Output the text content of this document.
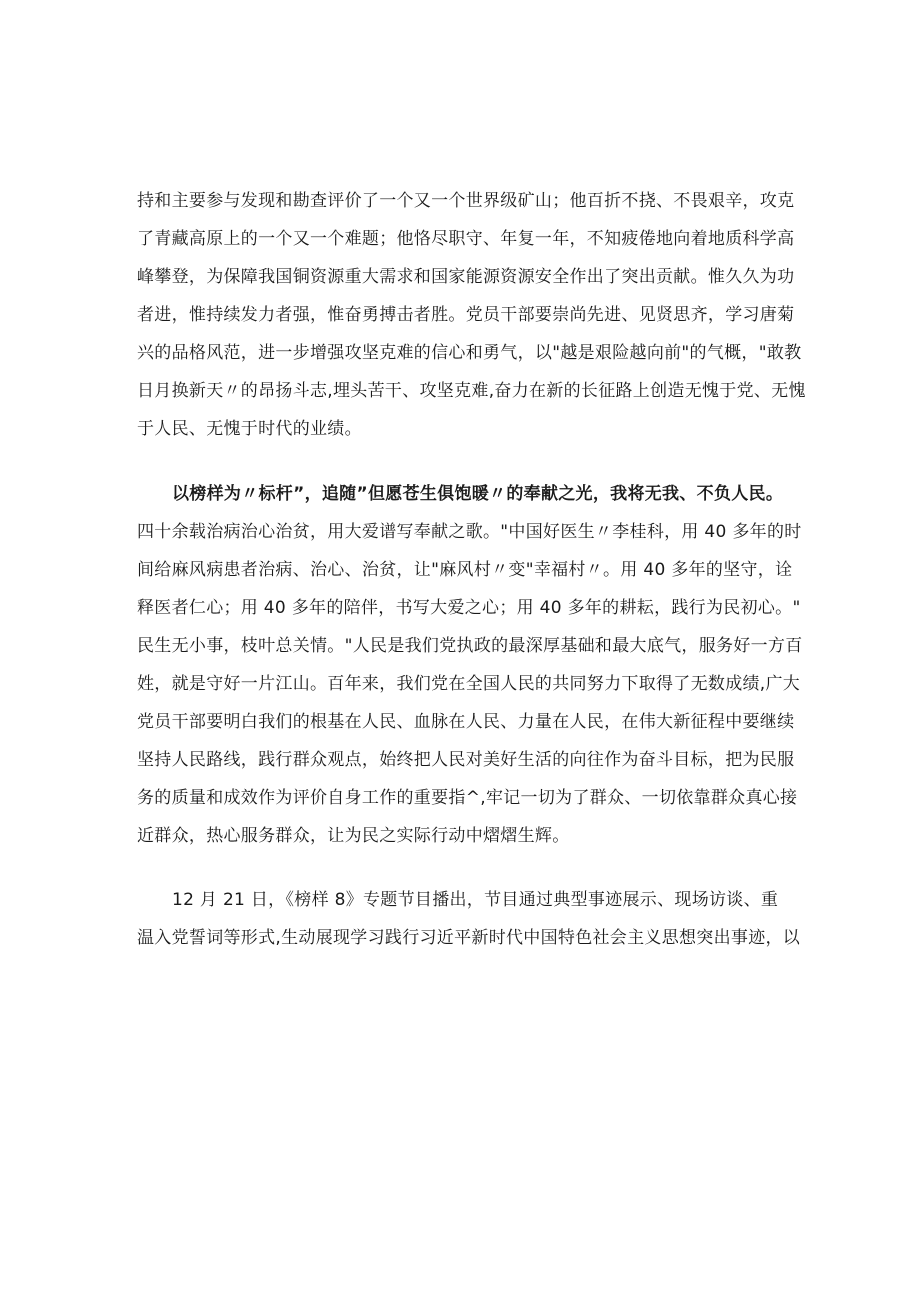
持和主要参与发现和勘查评价了一个又一个世界级矿山；他百折不挠、不畏艰辛，攻克
了青藏高原上的一个又一个难题；他恪尽职守、年复一年，不知疲倦地向着地质科学高
峰攀登，为保障我国铜资源重大需求和国家能源资源安全作出了突出贡献。惟久久为功
者进，惟持续发力者强，惟奋勇搏击者胜。党员干部要崇尚先进、见贤思齐，学习唐菊
兴的品格风范，进一步增强攻坚克难的信心和勇气，以"越是艰险越向前"的气概，"敢教
日月换新天〃的昂扬斗志,埋头苦干、攻坚克难,奋力在新的长征路上创造无愧于党、无愧
于人民、无愧于时代的业绩。
以榜样为〃标杆”，追随”但愿苍生俱饱暖〃的奉献之光，我将无我、不负人民。
四十余载治病治心治贫，用大爱谱写奉献之歌。"中国好医生〃李桂科，用 40 多年的时
间给麻风病患者治病、治心、治贫，让"麻风村〃变"幸福村〃。用 40 多年的坚守，诠
释医者仁心；用 40 多年的陪伴，书写大爱之心；用 40 多年的耕耘，践行为民初心。"
民生无小事，枝叶总关情。"人民是我们党执政的最深厚基础和最大底气，服务好一方百
姓，就是守好一片江山。百年来，我们党在全国人民的共同努力下取得了无数成绩,广大
党员干部要明白我们的根基在人民、血脉在人民、力量在人民，在伟大新征程中要继续
坚持人民路线，践行群众观点，始终把人民对美好生活的向往作为奋斗目标，把为民服
务的质量和成效作为评价自身工作的重要指^,牢记一切为了群众、一切依靠群众真心接
近群众，热心服务群众，让为民之实际行动中熠熠生辉。
12 月 21 日，《榜样 8》专题节目播出，节目通过典型事迹展示、现场访谈、重
温入党誓词等形式,生动展现学习践行习近平新时代中国特色社会主义思想突出事迹，以
